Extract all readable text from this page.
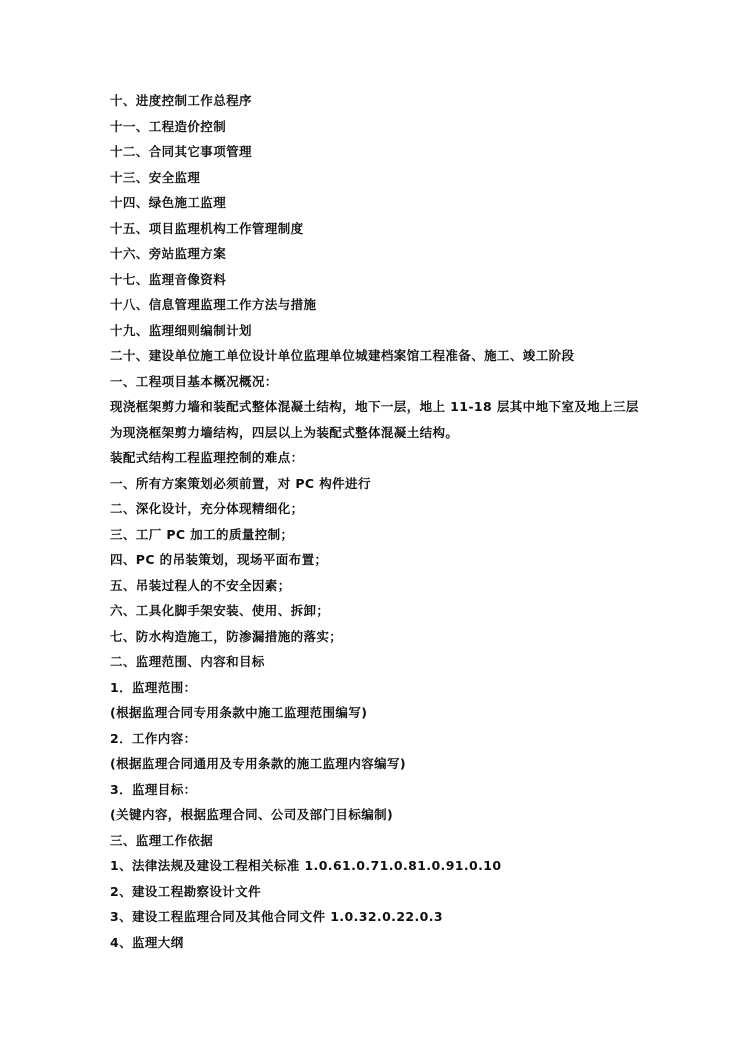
十、进度控制工作总程序
十一、工程造价控制
十二、合同其它事项管理
十三、安全监理
十四、绿色施工监理
十五、项目监理机构工作管理制度
十六、旁站监理方案
十七、监理音像资料
十八、信息管理监理工作方法与措施
十九、监理细则编制计划
二十、建设单位施工单位设计单位监理单位城建档案馆工程准备、施工、竣工阶段
一、工程项目基本概况概况：
现浇框架剪力墙和装配式整体混凝土结构，地下一层，地上 11-18 层其中地下室及地上三层
为现浇框架剪力墙结构，四层以上为装配式整体混凝土结构。
装配式结构工程监理控制的难点：
一、所有方案策划必须前置，对 PC 构件进行
二、深化设计，充分体现精细化；
三、工厂 PC 加工的质量控制；
四、PC 的吊装策划，现场平面布置；
五、吊装过程人的不安全因素；
六、工具化脚手架安装、使用、拆卸；
七、防水构造施工，防渗漏措施的落实；
二、监理范围、内容和目标
1．监理范围：
(根据监理合同专用条款中施工监理范围编写)
2．工作内容：
(根据监理合同通用及专用条款的施工监理内容编写)
3．监理目标：
(关键内容，根据监理合同、公司及部门目标编制)
三、监理工作依据
1、法律法规及建设工程相关标准 1.0.61.0.71.0.81.0.91.0.10
2、建设工程勘察设计文件
3、建设工程监理合同及其他合同文件 1.0.32.0.22.0.3
4、监理大纲
